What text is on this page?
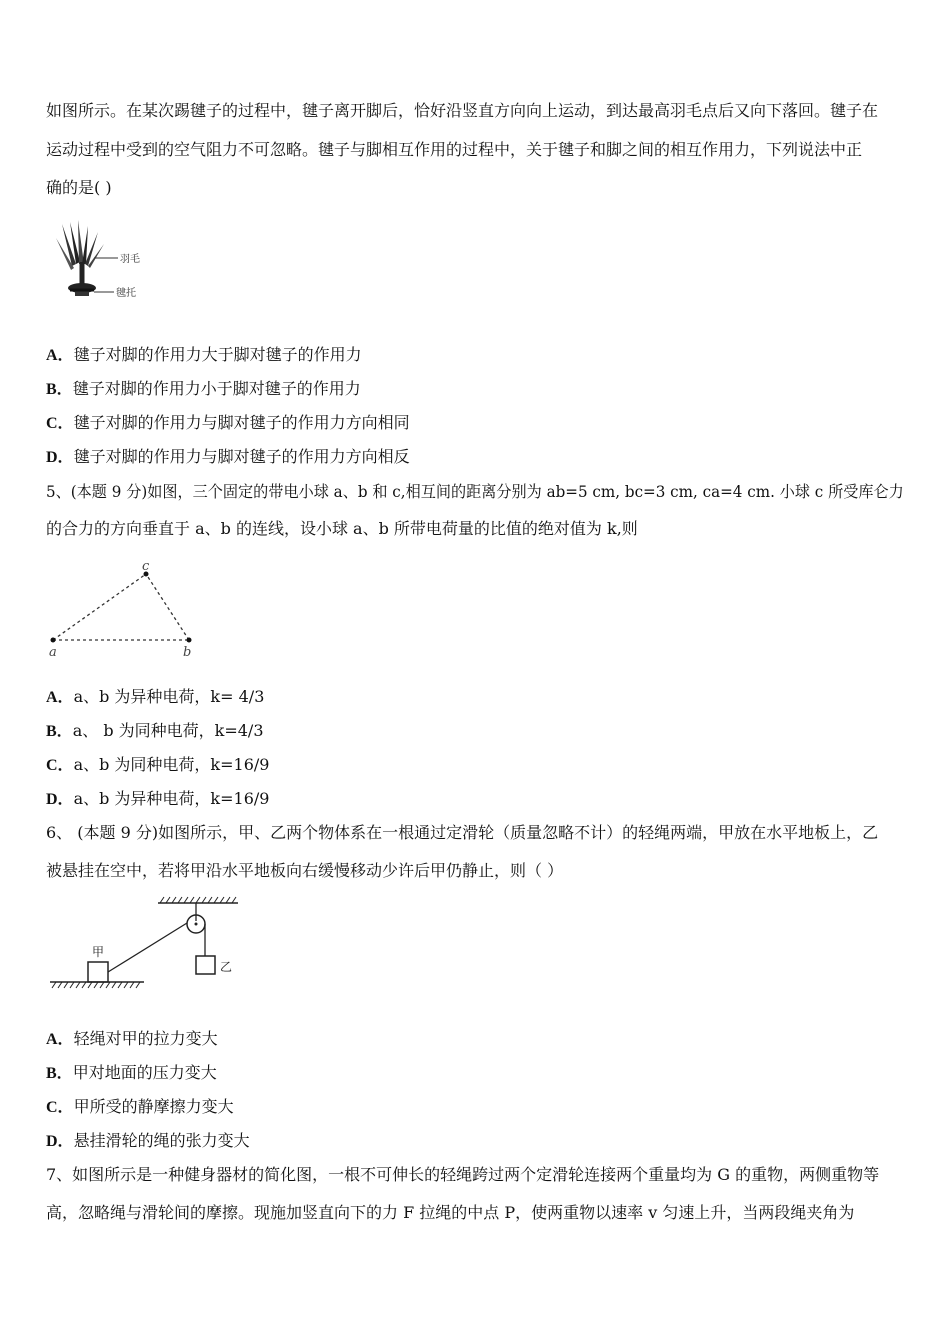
如图所示。在某次踢毽子的过程中，毽子离开脚后，恰好沿竖直方向向上运动，到达最高羽毛点后又向下落回。毽子在
运动过程中受到的空气阻力不可忽略。毽子与脚相互作用的过程中，关于毽子和脚之间的相互作用力，下列说法中正
确的是( )
羽毛
毽托
A．毽子对脚的作用力大于脚对毽子的作用力
B．毽子对脚的作用力小于脚对毽子的作用力
C．毽子对脚的作用力与脚对毽子的作用力方向相同
D．毽子对脚的作用力与脚对毽子的作用力方向相反
5、(本题 9 分)如图，三个固定的带电小球 a、b 和 c,相互间的距离分别为 ab=5 cm, bc=3 cm, ca=4 cm. 小球 c 所受库仑力
的合力的方向垂直于 a、b 的连线，设小球 a、b 所带电荷量的比值的绝对值为 k,则
a	b
c
A．a、b 为异种电荷，k= 4/3
B．a、 b 为同种电荷，k=4/3
C．a、b 为同种电荷，k=16/9
D．a、b 为异种电荷，k=16/9
6、 (本题 9 分)如图所示，甲、乙两个物体系在一根通过定滑轮（质量忽略不计）的轻绳两端，甲放在水平地板上，乙
被悬挂在空中，若将甲沿水平地板向右缓慢移动少许后甲仍静止，则（ ）
甲
乙
A．轻绳对甲的拉力变大
B．甲对地面的压力变大
C．甲所受的静摩擦力变大
D．悬挂滑轮的绳的张力变大
7、如图所示是一种健身器材的简化图，一根不可伸长的轻绳跨过两个定滑轮连接两个重量均为 G 的重物，两侧重物等
高，忽略绳与滑轮间的摩擦。现施加竖直向下的力 F 拉绳的中点 P，使两重物以速率 v 匀速上升，当两段绳夹角为
